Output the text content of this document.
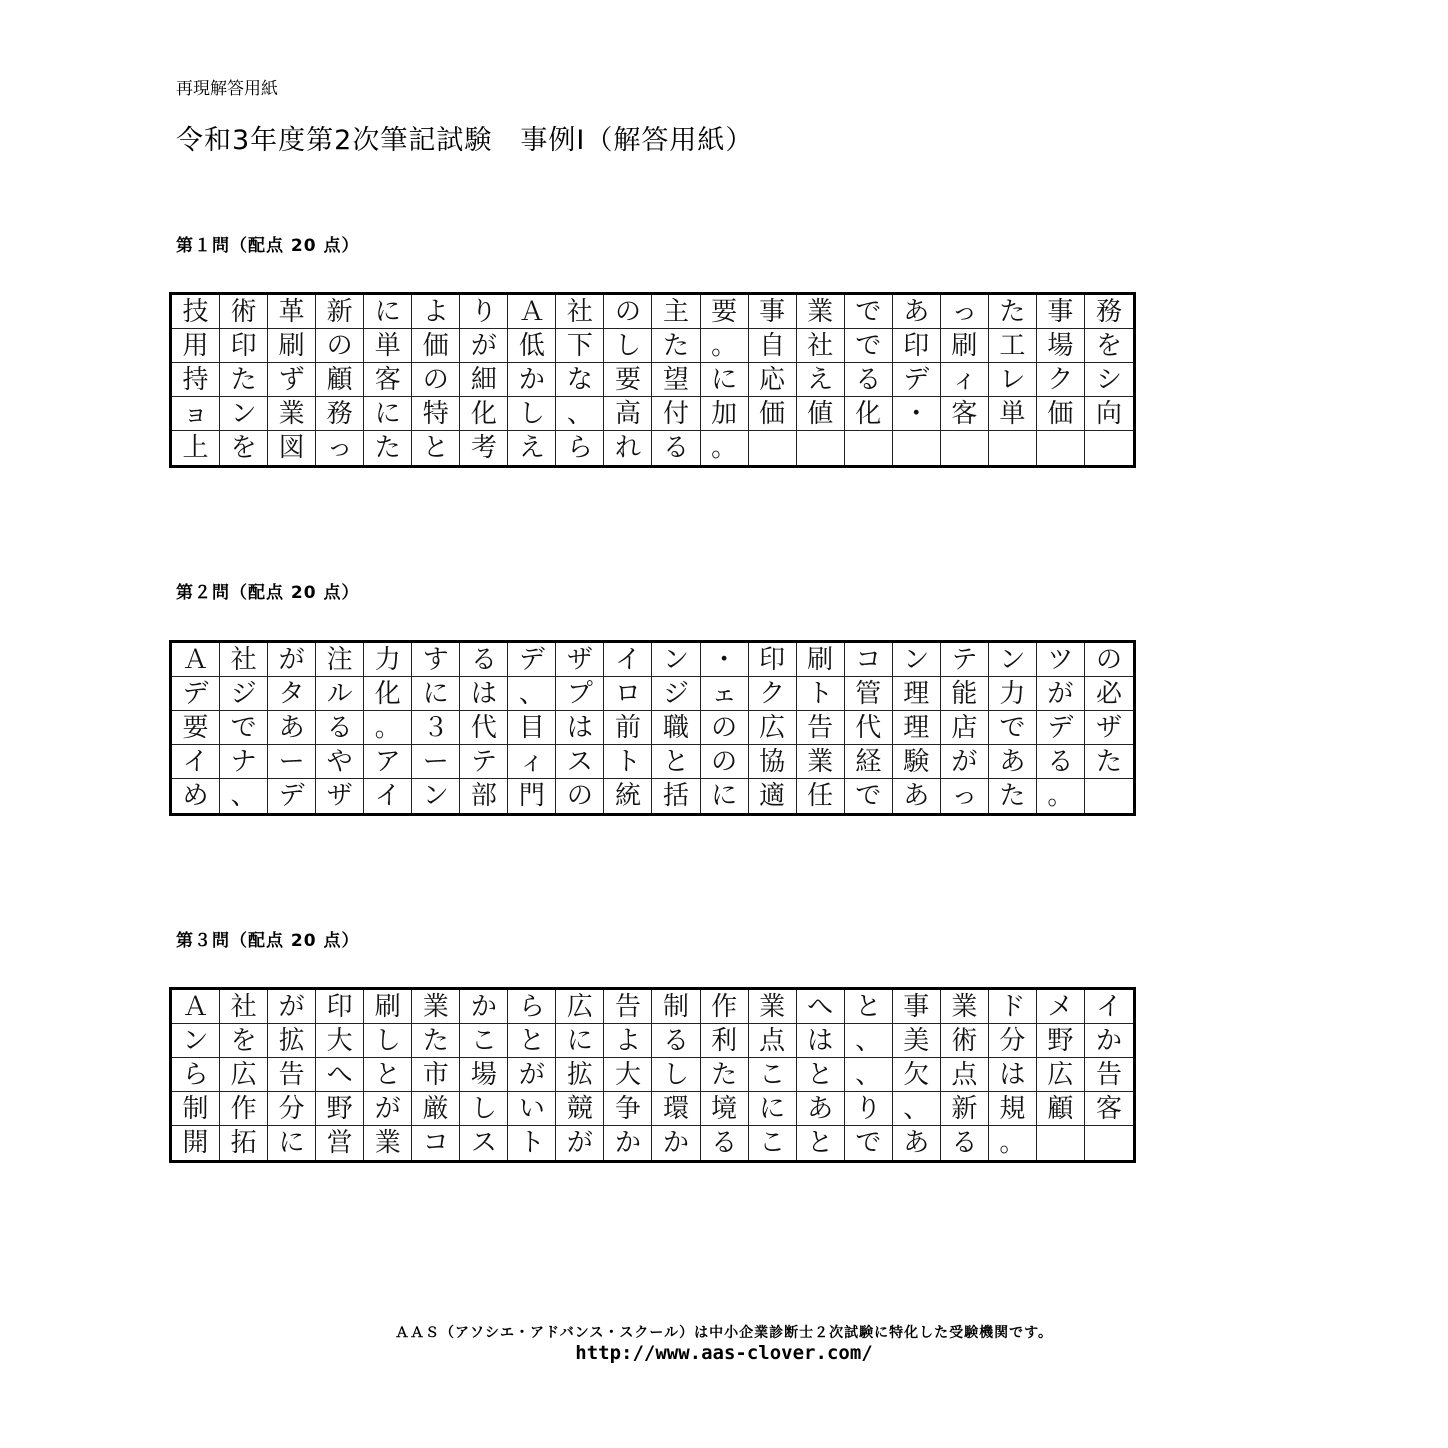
再現解答用紙
令和3年度第2次筆記試験　事例Ⅰ（解答用紙）
第１問（配点 20 点）
技 術 革 新 に よ り Ａ 社 の 主 要 事 業 で あ っ た 事 務
用 印 刷 の 単 価 が 低 下 し た 。 自 社 で 印 刷 工 場 を
持 た ず 顧 客 の 細 か な 要 望 に 応 え る デ ィ レ ク シ
ョ ン 業 務 に 特 化 し 、 高 付 加 価 値 化 ・ 客 単 価 向
上 を 図 っ た と 考 え ら れ る 。
第２問（配点 20 点）
Ａ 社 が 注 力 す る デ ザ イ ン ・ 印 刷 コ ン テ ン ツ の
デ ジ タ ル 化 に は 、 プ ロ ジ ェ ク ト 管 理 能 力 が 必
要 で あ る 。 ３ 代 目 は 前 職 の 広 告 代 理 店 で デ ザ
イ ナ ー や ア ー テ ィ ス ト と の 協 業 経 験 が あ る た
め 、 デ ザ イ ン 部 門 の 統 括 に 適 任 で あ っ た 。
第３問（配点 20 点）
Ａ 社 が 印 刷 業 か ら 広 告 制 作 業 へ と 事 業 ド メ イ
ン を 拡 大 し た こ と に よ る 利 点 は 、 美 術 分 野 か
ら 広 告 へ と 市 場 が 拡 大 し た こ と 、 欠 点 は 広 告
制 作 分 野 が 厳 し い 競 争 環 境 に あ り 、 新 規 顧 客
開 拓 に 営 業 コ ス ト が か か る こ と で あ る 。
ＡＡＳ（アソシエ・アドバンス・スクール）は中小企業診断士２次試験に特化した受験機関です。
http://www.aas-clover.com/
